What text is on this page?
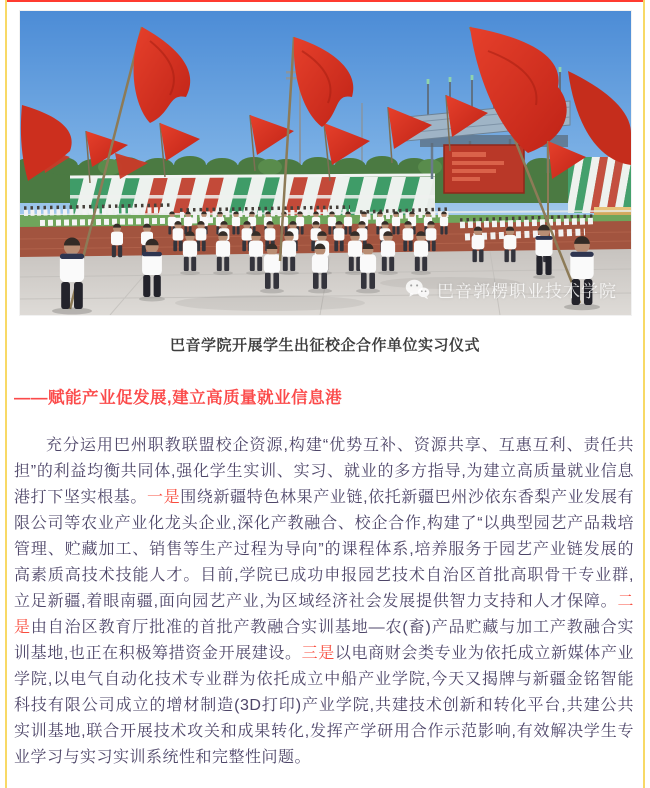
巴音郭楞职业技术学院

巴音学院开展学生出征校企合作单位实习仪式

——赋能产业促发展,建立高质量就业信息港

充分运用巴州职教联盟校企资源,构建“优势互补、资源共享、互惠互利、责任共担”的利益均衡共同体,强化学生实训、实习、就业的多方指导,为建立高质量就业信息港打下坚实根基。一是围绕新疆特色林果产业链,依托新疆巴州沙依东香梨产业发展有限公司等农业产业化龙头企业,深化产教融合、校企合作,构建了“以典型园艺产品栽培管理、贮藏加工、销售等生产过程为导向”的课程体系,培养服务于园艺产业链发展的高素质高技术技能人才。目前,学院已成功申报园艺技术自治区首批高职骨干专业群,立足新疆,着眼南疆,面向园艺产业,为区域经济社会发展提供智力支持和人才保障。二是由自治区教育厅批准的首批产教融合实训基地—农(畜)产品贮藏与加工产教融合实训基地,也正在积极筹措资金开展建设。三是以电商财会类专业为依托成立新媒体产业学院,以电气自动化技术专业群为依托成立中船产业学院,今天又揭牌与新疆金铭智能科技有限公司成立的增材制造(3D打印)产业学院,共建技术创新和转化平台,共建公共实训基地,联合开展技术攻关和成果转化,发挥产学研用合作示范影响,有效解决学生专业学习与实习实训系统性和完整性问题。
